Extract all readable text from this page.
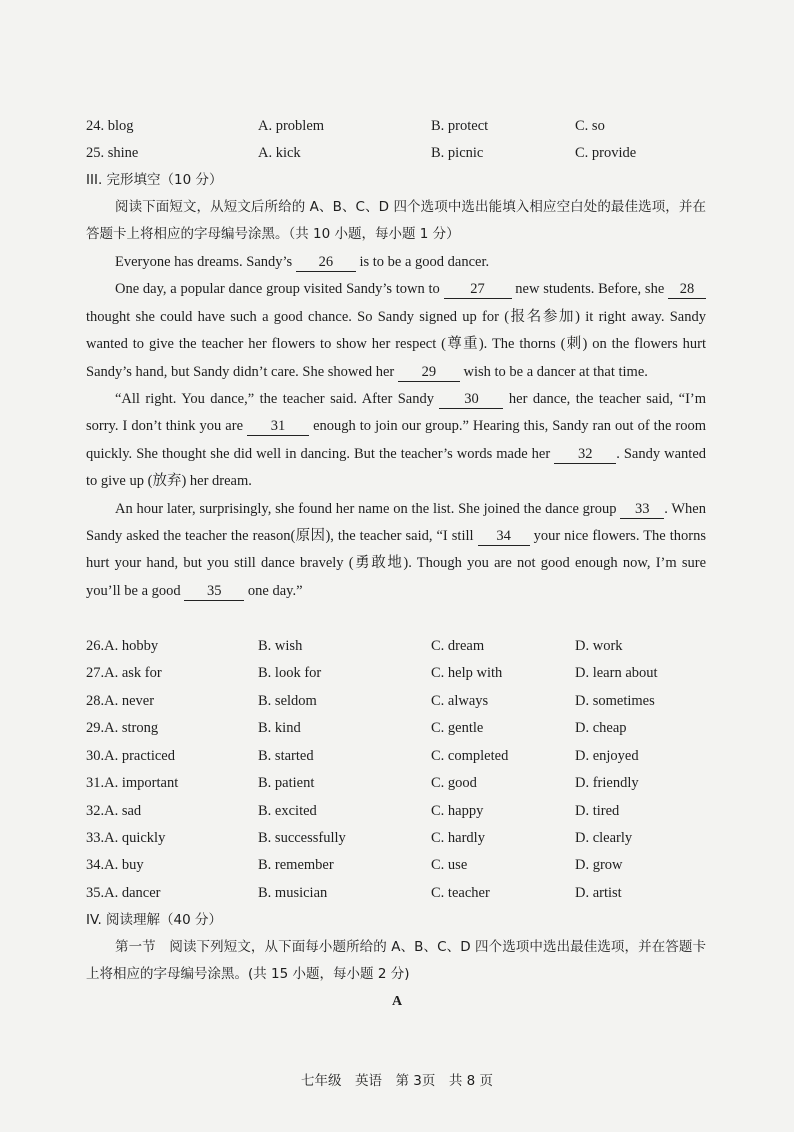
24. blog	A. problem	B. protect	C. so
25. shine	A. kick	B. picnic	C. provide
III. 完形填空（10 分）
阅读下面短文，从短文后所给的 A、B、C、D 四个选项中选出能填入相应空白处的最佳选项，并在答题卡上将相应的字母编号涂黑。（共 10 小题，每小题 1 分）

Everyone has dreams. Sandy’s 26 is to be a good dancer.

One day, a popular dance group visited Sandy’s town to 27 new students. Before, she 28 thought she could have such a good chance. So Sandy signed up for (报名参加) it right away. Sandy wanted to give the teacher her flowers to show her respect (尊重). The thorns (刺) on the flowers hurt Sandy’s hand, but Sandy didn’t care. She showed her 29 wish to be a dancer at that time.

“All right. You dance,” the teacher said. After Sandy 30 her dance, the teacher said, “I’m sorry. I don’t think you are 31 enough to join our group.” Hearing this, Sandy ran out of the room quickly. She thought she did well in dancing. But the teacher’s words made her 32 . Sandy wanted to give up (放弃) her dream.

An hour later, surprisingly, she found her name on the list. She joined the dance group 33 . When Sandy asked the teacher the reason(原因), the teacher said, “I still 34 your nice flowers. The thorns hurt your hand, but you still dance bravely (勇敢地). Though you are not good enough now, I’m sure you’ll be a good 35 one day.”

26.A. hobby	B. wish	C. dream	D. work
27.A. ask for	B. look for	C. help with	D. learn about
28.A. never	B. seldom	C. always	D. sometimes
29.A. strong	B. kind	C. gentle	D. cheap
30.A. practiced	B. started	C. completed	D. enjoyed
31.A. important	B. patient	C. good	D. friendly
32.A. sad	B. excited	C. happy	D. tired
33.A. quickly	B. successfully	C. hardly	D. clearly
34.A. buy	B. remember	C. use	D. grow
35.A. dancer	B. musician	C. teacher	D. artist
IV. 阅读理解（40 分）
第一节　阅读下列短文，从下面每小题所给的 A、B、C、D 四个选项中选出最佳选项，并在答题卡上将相应的字母编号涂黑。(共 15 小题，每小题 2 分)
A
七年级　英语　第 3页　共 8 页
